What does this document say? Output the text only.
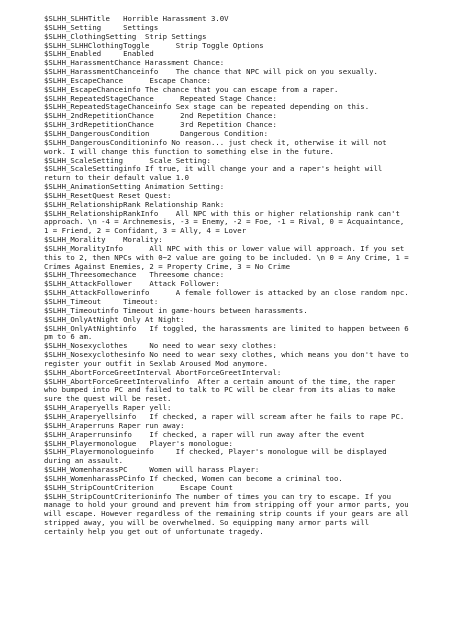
$SLHH_SLHHTitle   Horrible Harassment 3.0V
$SLHH_Setting     Settings
$SLHH_ClothingSetting  Strip Settings
$SLHH_SLHHClothingToggle      Strip Toggle Options
$SLHH_Enabled     Enabled
$SLHH_HarassmentChance Harassment Chance:
$SLHH_HarassmentChanceinfo    The chance that NPC will pick on you sexually.
$SLHH_EscapeChance      Escape Chance:
$SLHH_EscapeChanceinfo The chance that you can escape from a raper.
$SLHH_RepeatedStageChance      Repeated Stage Chance:
$SLHH_RepeatedStageChanceinfo Sex stage can be repeated depending on this.
$SLHH_2ndRepetitionChance      2nd Repetition Chance:
$SLHH_3rdRepetitionChance      3rd Repetition Chance:
$SLHH_DangerousCondition       Dangerous Condition:
$SLHH_DangerousConditioninfo No reason... just check it, otherwise it will not
work. I will change this function to something else in the future.
$SLHH_ScaleSetting      Scale Setting:
$SLHH_ScaleSettinginfo If true, it will change your and a raper's height will
return to their default value 1.0
$SLHH_AnimationSetting Animation Setting:
$SLHH_ResetQuest Reset Quest:
$SLHH_RelationshipRank Relationship Rank:
$SLHH_RelationshipRankInfo    All NPC with this or higher relationship rank can't
approach. \n -4 = Archnemesis, -3 = Enemy, -2 = Foe, -1 = Rival, 0 = Acquaintance,
1 = Friend, 2 = Confidant, 3 = Ally, 4 = Lover
$SLHH_Morality    Morality:
$SLHH_MoralityInfo      All NPC with this or lower value will approach. If you set
this to 2, then NPCs with 0~2 value are going to be included. \n 0 = Any Crime, 1 =
Crimes Against Enemies, 2 = Property Crime, 3 = No Crime
$SLHH_Threesomechance   Threesome chance:
$SLHH_AttackFollower    Attack Follower:
$SLHH_AttackFollowerinfo      A female follower is attacked by an close random npc.
$SLHH_Timeout     Timeout:
$SLHH_Timeoutinfo Timeout in game-hours between harassments.
$SLHH_OnlyAtNight Only At Night:
$SLHH_OnlyAtNightinfo   If toggled, the harassments are limited to happen between 6
pm to 6 am.
$SLHH_Nosexyclothes     No need to wear sexy clothes:
$SLHH_Nosexyclothesinfo No need to wear sexy clothes, which means you don't have to
register your outfit in Sexlab Aroused Mod anymore.
$SLHH_AbortForceGreetInterval AbortForceGreetInterval:
$SLHH_AbortForceGreetIntervalinfo  After a certain amount of the time, the raper
who bumped into PC and failed to talk to PC will be clear from its alias to make
sure the quest will be reset.
$SLHH_Araperyells Raper yell:
$SLHH_Araperyellsinfo   If checked, a raper will scream after he fails to rape PC.
$SLHH_Araperruns Raper run away:
$SLHH_Araperrunsinfo    If checked, a raper will run away after the event
$SLHH_Playermonologue   Player's monologue:
$SLHH_Playermonologueinfo     If checked, Player's monologue will be displayed
during an assault.
$SLHH_WomenharassPC     Women will harass Player:
$SLHH_WomenharassPCinfo If checked, Women can become a criminal too.
$SLHH_StripCountCriterion      Escape Count
$SLHH_StripCountCriterioninfo The number of times you can try to escape. If you
manage to hold your ground and prevent him from stripping off your armor parts, you
will escape. However regardless of the remaining strip counts if your gears are all
stripped away, you will be overwhelmed. So equipping many armor parts will
certainly help you get out of unfortunate tragedy.
